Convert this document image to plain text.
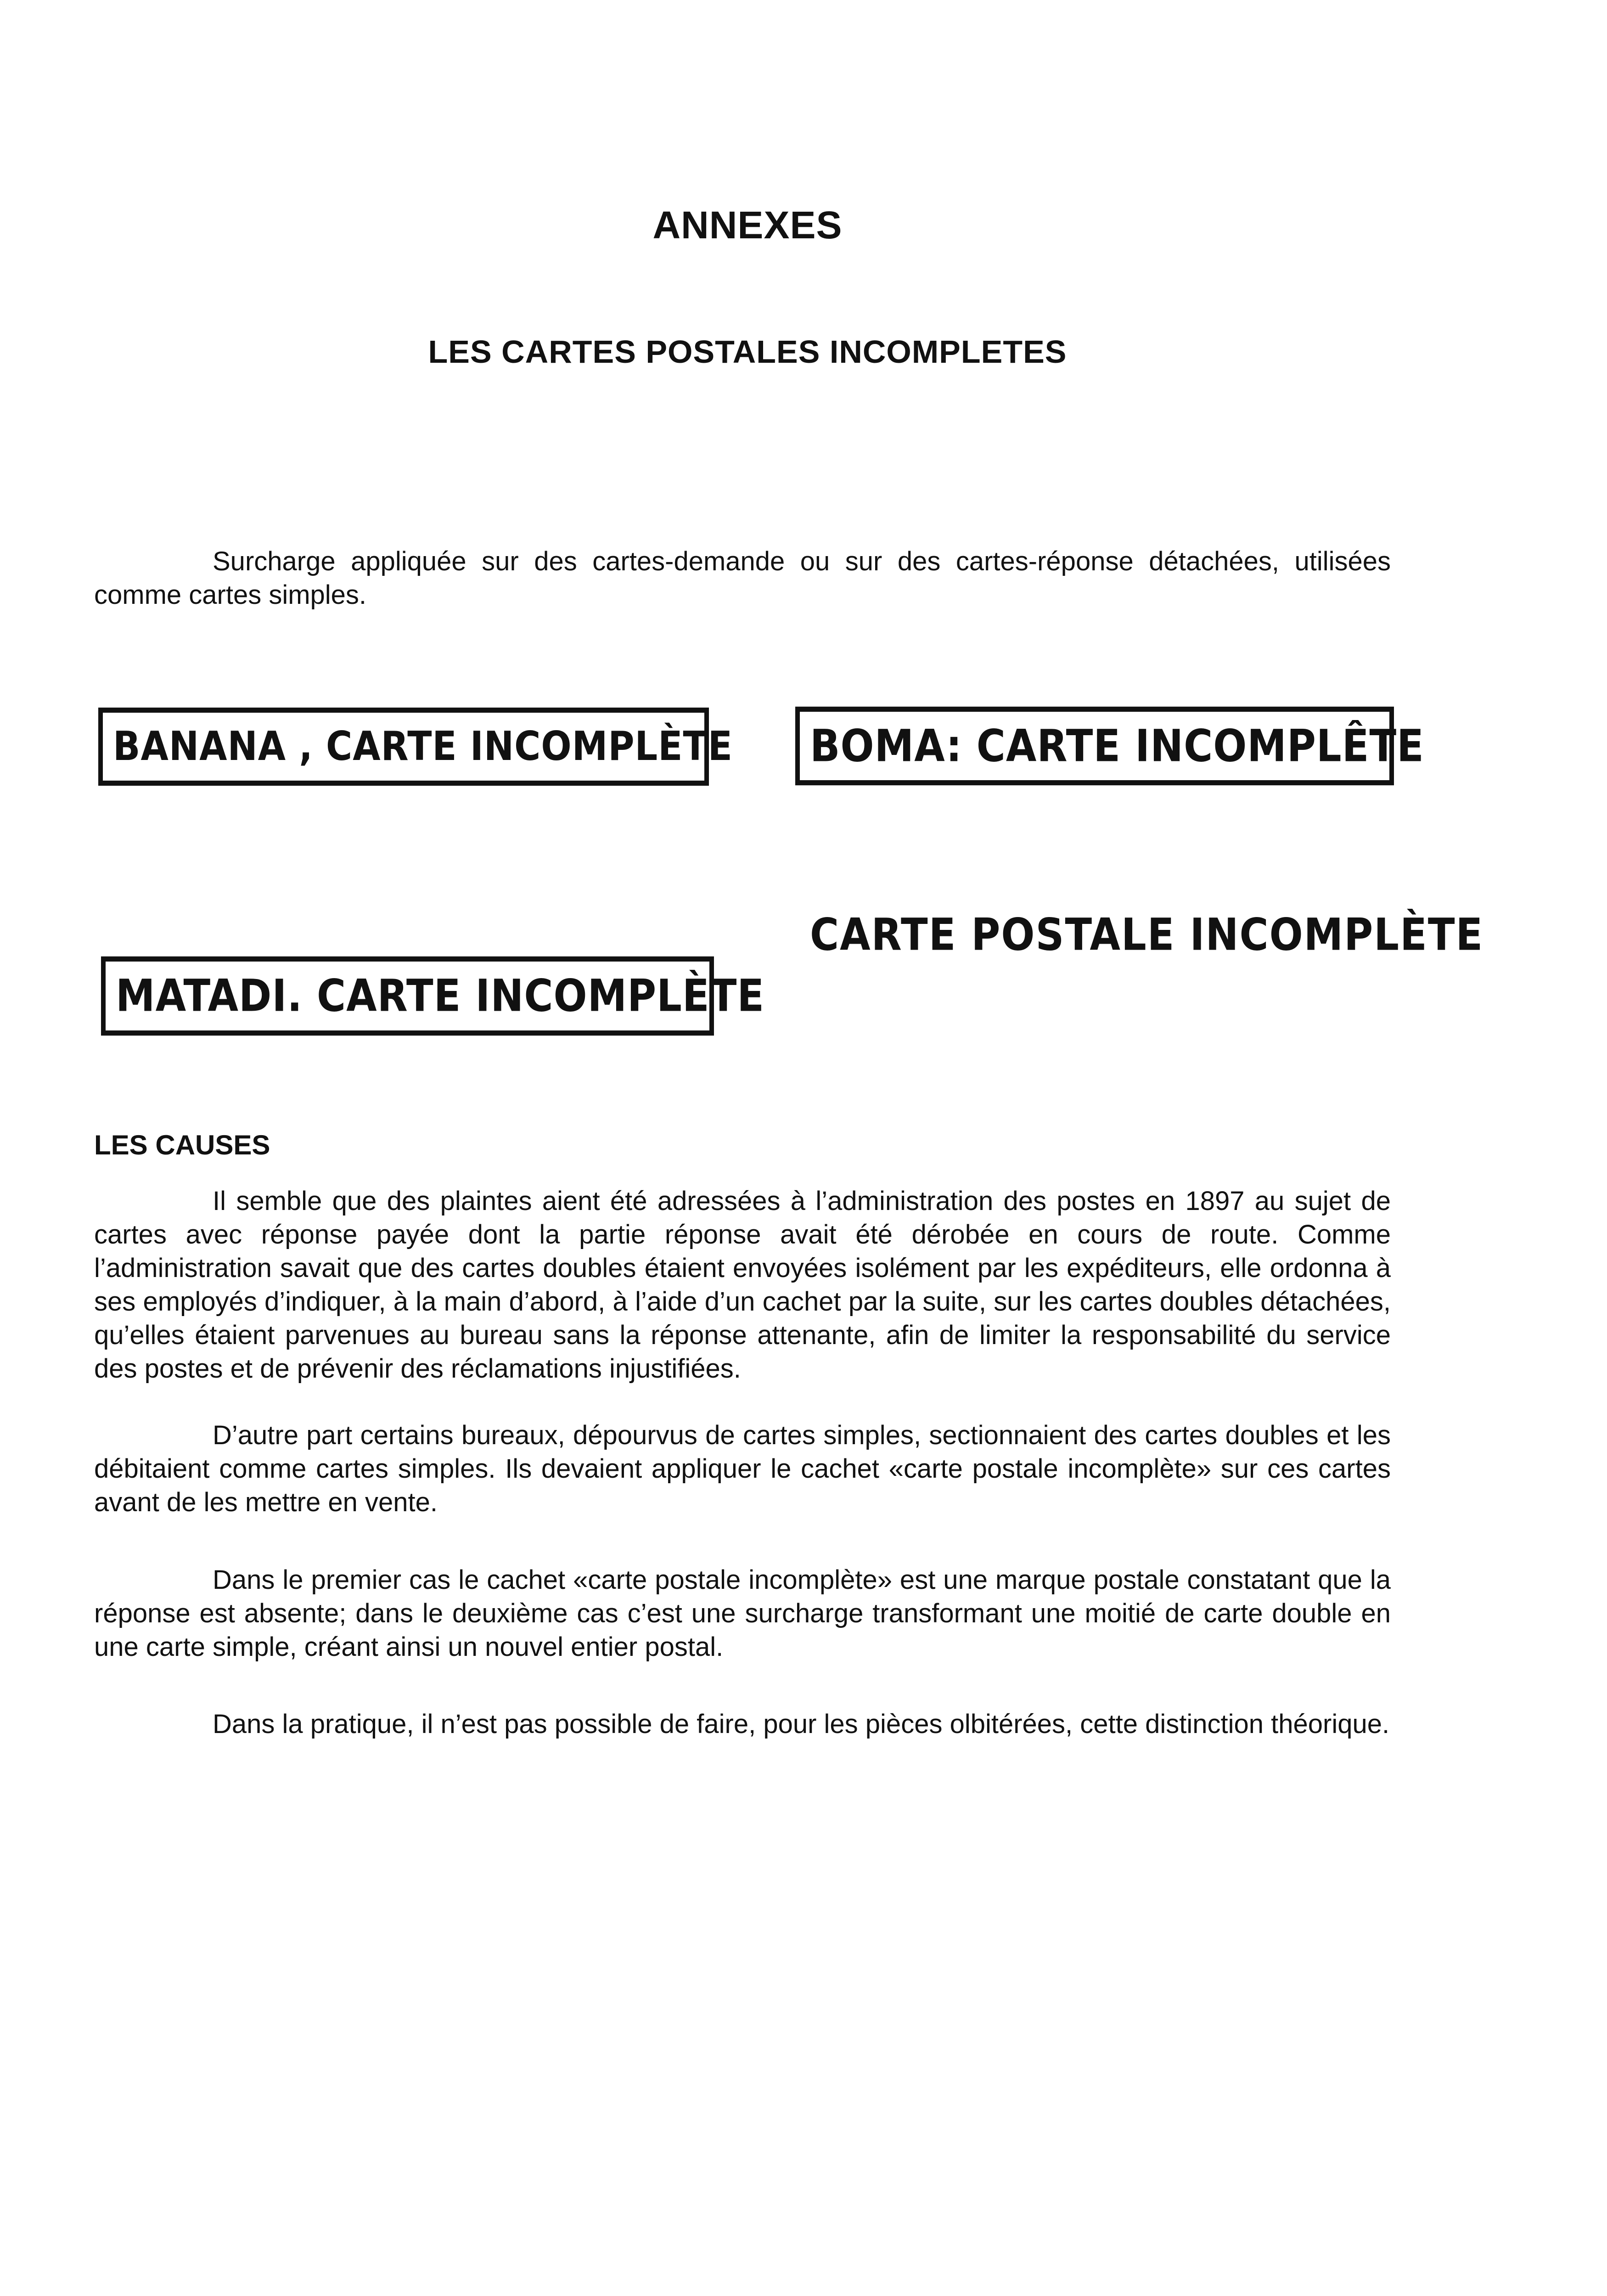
ANNEXES
LES CARTES POSTALES INCOMPLETES

Surcharge appliquée sur des cartes-demande ou sur des cartes-réponse détachées, utilisées comme cartes simples.

BANANA , CARTE INCOMPLÈTE BOMA: CARTE INCOMPLÊTE
MATADI. CARTE INCOMPLÈTE
CARTE POSTALE INCOMPLÈTE
LES CAUSES

Il semble que des plaintes aient été adressées à l’administration des postes en 1897 au sujet de cartes avec réponse payée dont la partie réponse avait été dérobée en cours de route. Comme l’administration savait que des cartes doubles étaient envoyées isolément par les expéditeurs, elle ordonna à ses employés d’indiquer, à la main d’abord, à l’aide d’un cachet par la suite, sur les cartes doubles détachées, qu’elles étaient parvenues au bureau sans la réponse attenante, afin de limiter la responsabilité du service des postes et de prévenir des réclamations injustifiées.

D’autre part certains bureaux, dépourvus de cartes simples, sectionnaient des cartes doubles et les débitaient comme cartes simples. Ils devaient appliquer le cachet «carte postale incomplète» sur ces cartes avant de les mettre en vente.

Dans le premier cas le cachet «carte postale incomplète» est une marque postale constatant que la réponse est absente; dans le deuxième cas c’est une surcharge transformant une moitié de carte double en une carte simple, créant ainsi un nouvel entier postal.

Dans la pratique, il n’est pas possible de faire, pour les pièces olbitérées, cette distinction théorique.
